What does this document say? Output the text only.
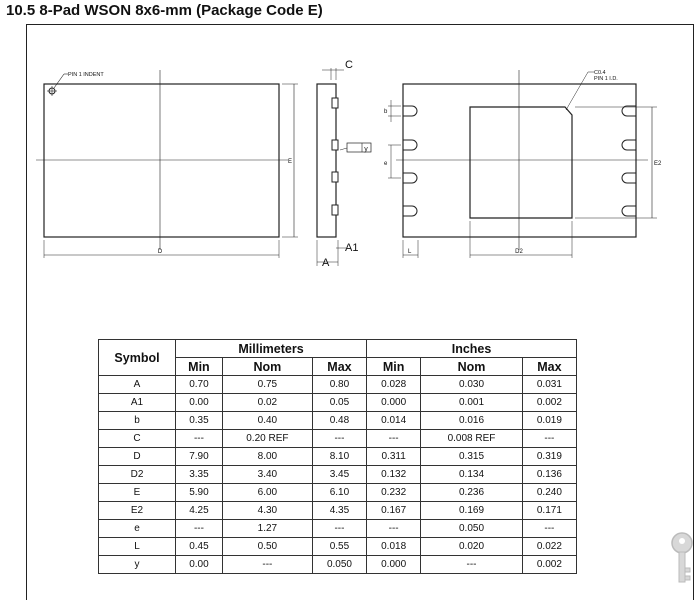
10.5 8-Pad WSON 8x6-mm (Package Code E)
PIN 1 INDENT
D
E
C
A
A1
y
C0.4
PIN 1 I.D.
b
e
L	D2
E2
Symbol	Millimeters			Inches		
	Min	Nom	Max	Min	Nom	Max
A	0.70	0.75	0.80	0.028	0.030	0.031
A1	0.00	0.02	0.05	0.000	0.001	0.002
b	0.35	0.40	0.48	0.014	0.016	0.019
C	---	0.20 REF	---	---	0.008 REF	---
D	7.90	8.00	8.10	0.311	0.315	0.319
D2	3.35	3.40	3.45	0.132	0.134	0.136
E	5.90	6.00	6.10	0.232	0.236	0.240
E2	4.25	4.30	4.35	0.167	0.169	0.171
e	---	1.27	---	---	0.050	---
L	0.45	0.50	0.55	0.018	0.020	0.022
y	0.00	---	0.050	0.000	---	0.002
